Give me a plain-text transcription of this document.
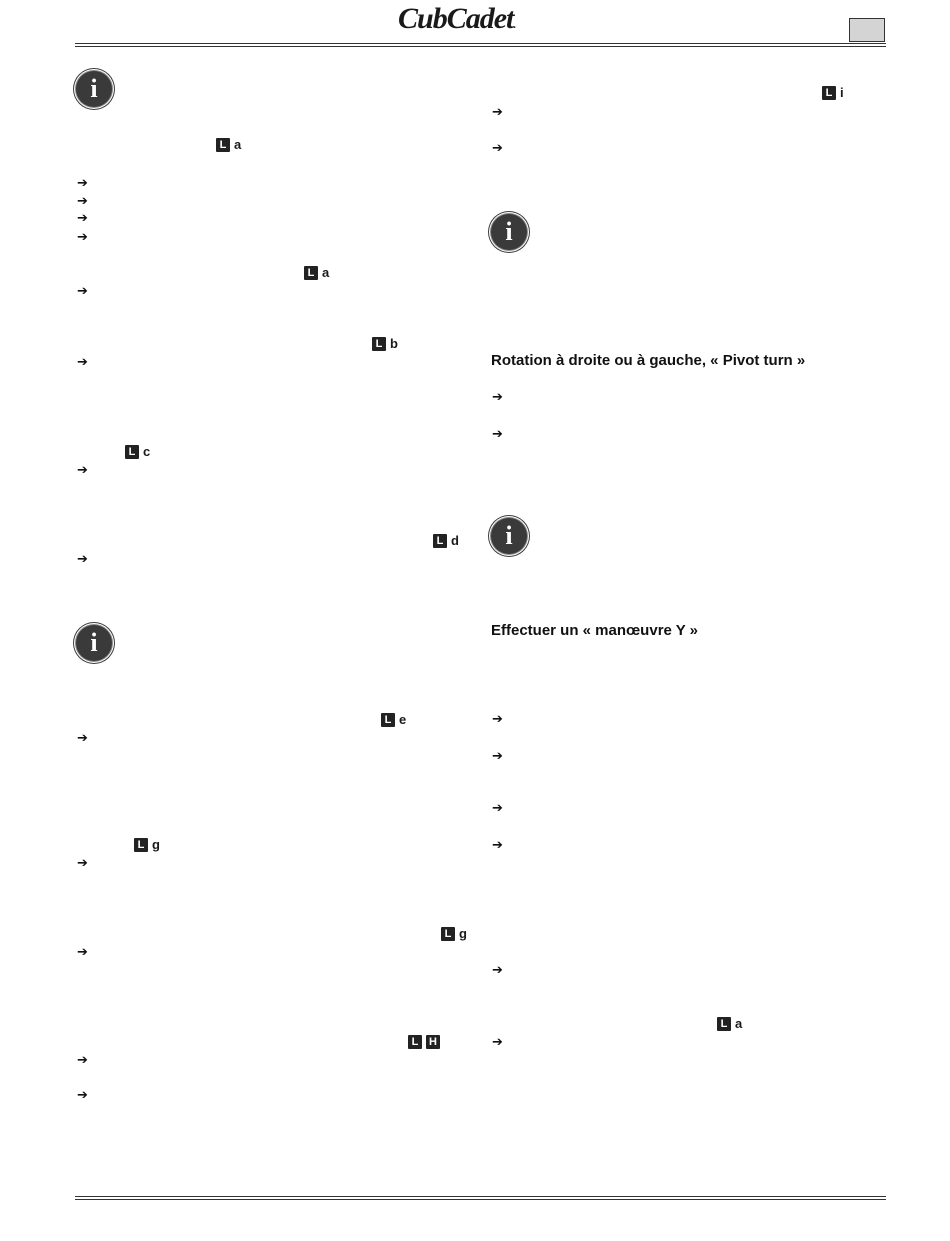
CubCadet.
i
L a
➔
➔
➔
➔
L a
➔
L b
➔
L c
➔
L d
➔
i
L e
➔
L g
➔
L g
➔
L H
➔
➔
L i
➔
➔
i
Rotation à droite ou à gauche, « Pivot turn »
➔
➔
i
Effectuer un « manœuvre Y »
➔
➔
➔
➔
➔
L a
➔
